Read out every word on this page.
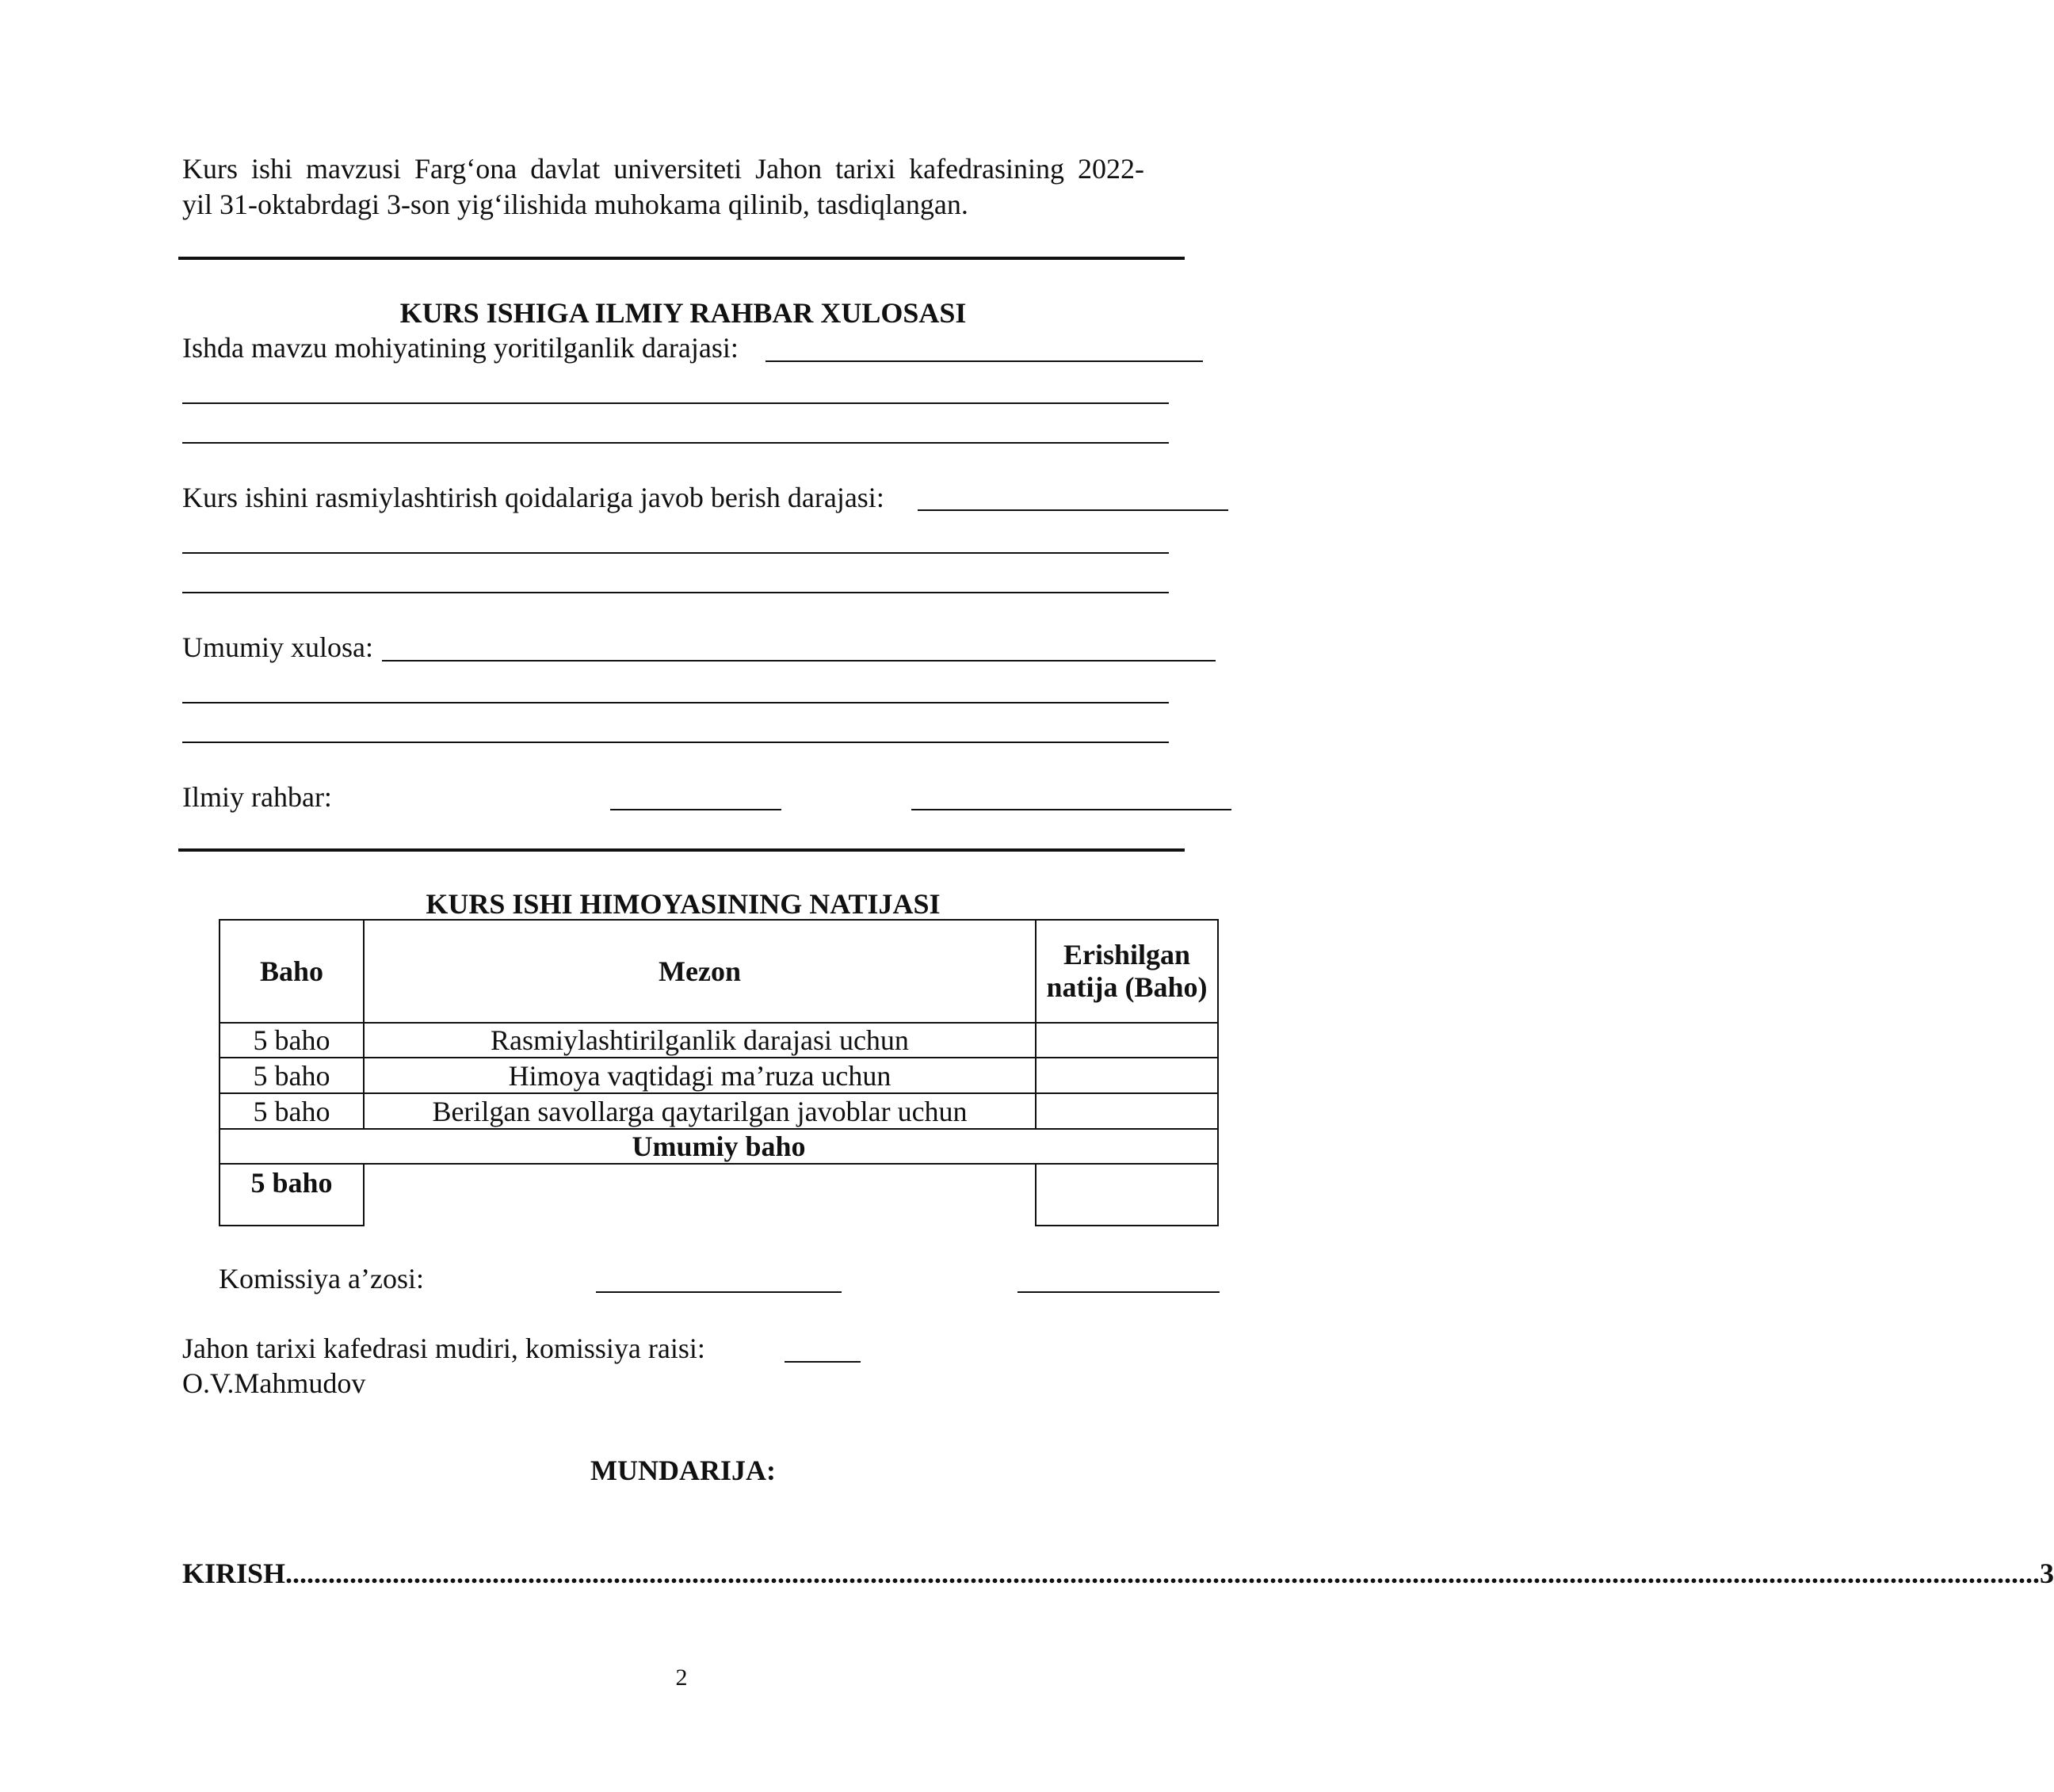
Kurs ishi mavzusi Farg‘ona davlat universiteti Jahon tarixi kafedrasining 2022-
yil 31-oktabrdagi 3-son yig‘ilishida muhokama qilinib, tasdiqlangan.
KURS ISHIGA ILMIY RAHBAR XULOSASI
Ishda mavzu mohiyatining yoritilganlik darajasi:
Kurs ishini rasmiylashtirish qoidalariga javob berish darajasi:
Umumiy xulosa:
Ilmiy rahbar:
KURS ISHI HIMOYASINING NATIJASI
Baho	Mezon	Erishilgan natija (Baho)
5 baho	Rasmiylashtirilganlik darajasi uchun	
5 baho	Himoya vaqtidagi ma’ruza uchun	
5 baho	Berilgan savollarga qaytarilgan javoblar uchun	
Umumiy baho		
5 baho		
Komissiya a’zosi:
Jahon tarixi kafedrasi mudiri, komissiya raisi:
O.V.Mahmudov
MUNDARIJA:
KIRISH ...................................................................................................................................................................................................................................................... 3
2
